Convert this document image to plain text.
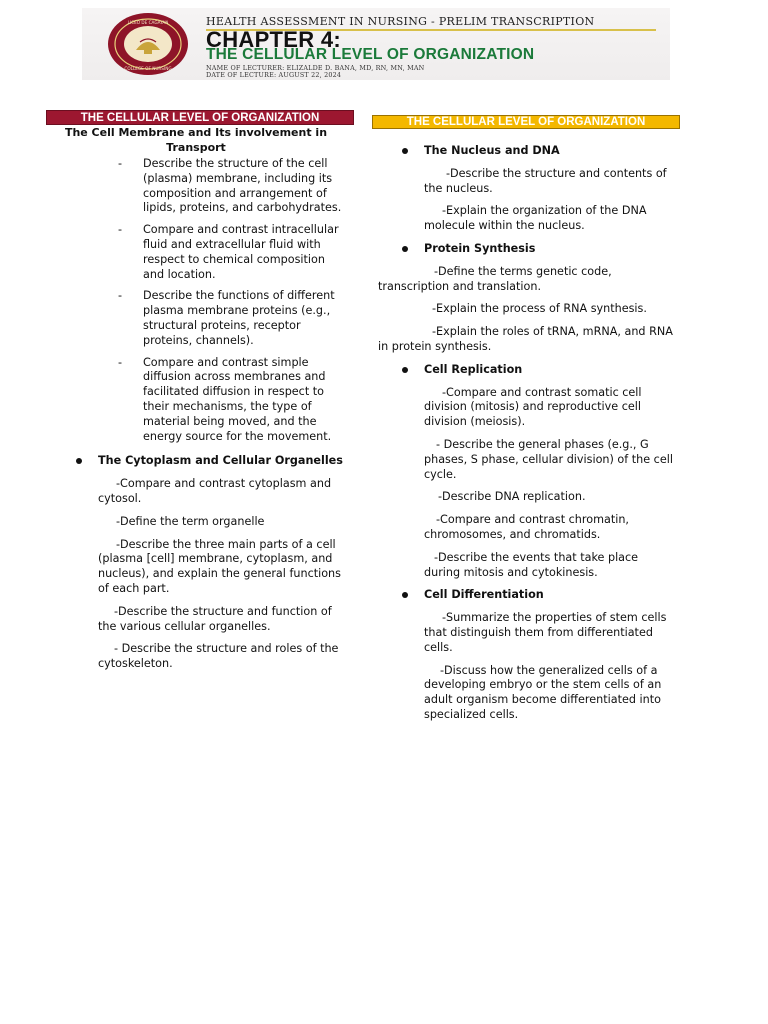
LICEO DE CAGAYAN
COLLEGE OF NURSING
HEALTH ASSESSMENT IN NURSING - PRELIM TRANSCRIPTION
CHAPTER 4:
THE CELLULAR LEVEL OF ORGANIZATION
NAME OF LECTURER: ELIZALDE D. BANA, MD, RN, MN, MAN
DATE OF LECTURE: AUGUST 22, 2024
THE CELLULAR LEVEL OF ORGANIZATION
The Cell Membrane and Its involvement in
Transport
- Describe the structure of the cell (plasma) membrane, including its composition and arrangement of lipids, proteins, and carbohydrates.
- Compare and contrast intracellular fluid and extracellular fluid with respect to chemical composition and location.
- Describe the functions of different plasma membrane proteins (e.g., structural proteins, receptor proteins, channels).
- Compare and contrast simple diffusion across membranes and facilitated diffusion in respect to their mechanisms, the type of material being moved, and the energy source for the movement.
The Cytoplasm and Cellular Organelles
-Compare and contrast cytoplasm and cytosol.
-Define the term organelle
-Describe the three main parts of a cell (plasma [cell] membrane, cytoplasm, and nucleus), and explain the general functions of each part.
-Describe the structure and function of the various cellular organelles.
- Describe the structure and roles of the cytoskeleton.
THE CELLULAR LEVEL OF ORGANIZATION
The Nucleus and DNA
-Describe the structure and contents of the nucleus.
-Explain the organization of the DNA molecule within the nucleus.
Protein Synthesis
-Define the terms genetic code, transcription and translation.
-Explain the process of RNA synthesis.
-Explain the roles of tRNA, mRNA, and RNA in protein synthesis.
Cell Replication
-Compare and contrast somatic cell division (mitosis) and reproductive cell division (meiosis).
- Describe the general phases (e.g., G phases, S phase, cellular division) of the cell cycle.
-Describe DNA replication.
-Compare and contrast chromatin, chromosomes, and chromatids.
-Describe the events that take place during mitosis and cytokinesis.
Cell Differentiation
-Summarize the properties of stem cells that distinguish them from differentiated cells.
-Discuss how the generalized cells of a developing embryo or the stem cells of an adult organism become differentiated into specialized cells.
